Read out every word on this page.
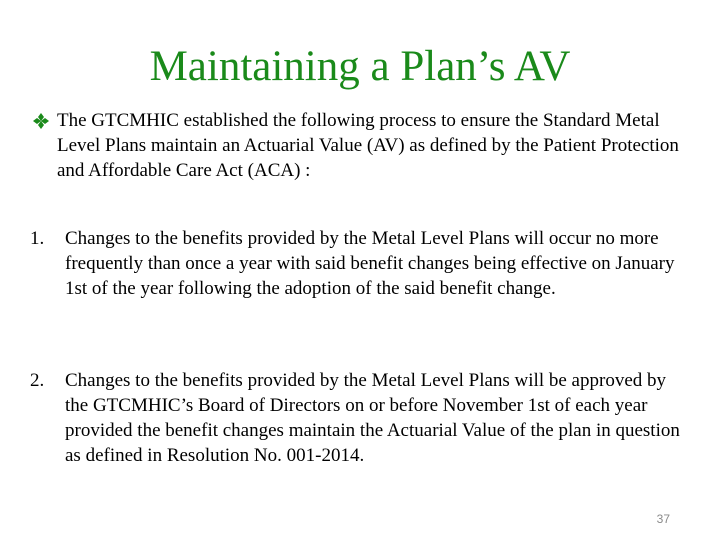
Maintaining a Plan’s AV
The GTCMHIC established the following process to ensure the Standard Metal Level Plans maintain an Actuarial Value (AV) as defined by the Patient Protection and Affordable Care Act (ACA) :
1. Changes to the benefits provided by the Metal Level Plans will occur no more frequently than once a year with said benefit changes being effective on January 1st of the year following the adoption of the said benefit change.
2. Changes to the benefits provided by the Metal Level Plans will be approved by the GTCMHIC’s Board of Directors on or before November 1st of each year provided the benefit changes maintain the Actuarial Value of the plan in question as defined in Resolution No. 001-2014.
37
